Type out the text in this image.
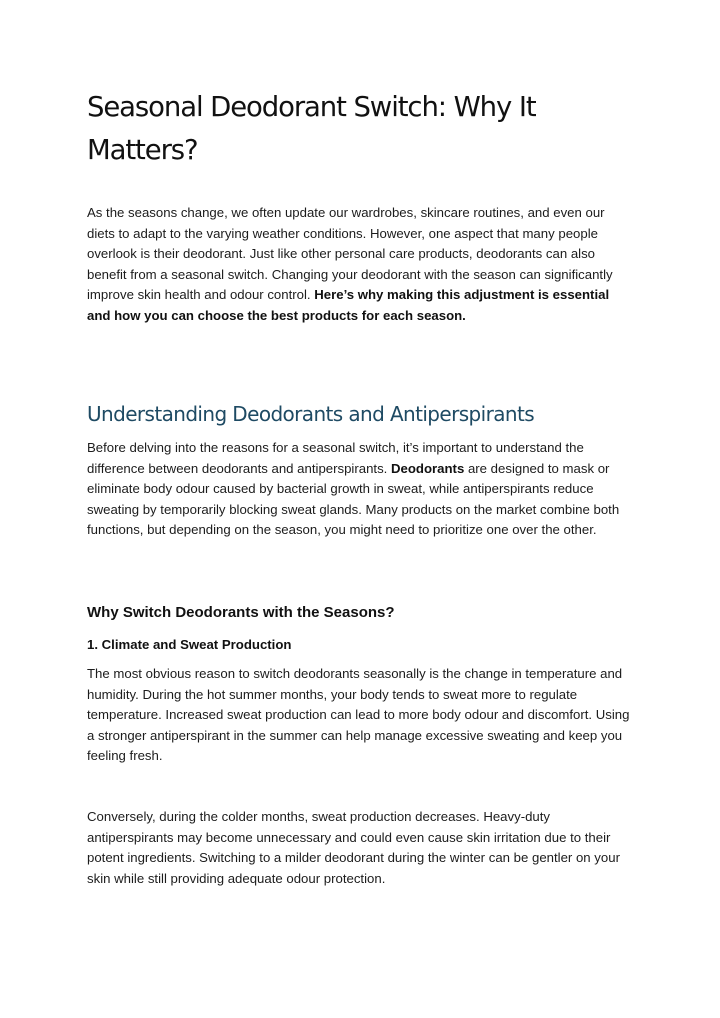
Seasonal Deodorant Switch: Why It Matters?

As the seasons change, we often update our wardrobes, skincare routines, and even our diets to adapt to the varying weather conditions. However, one aspect that many people overlook is their deodorant. Just like other personal care products, deodorants can also benefit from a seasonal switch. Changing your deodorant with the season can significantly improve skin health and odour control. Here’s why making this adjustment is essential and how you can choose the best products for each season.

Understanding Deodorants and Antiperspirants

Before delving into the reasons for a seasonal switch, it’s important to understand the difference between deodorants and antiperspirants. Deodorants are designed to mask or eliminate body odour caused by bacterial growth in sweat, while antiperspirants reduce sweating by temporarily blocking sweat glands. Many products on the market combine both functions, but depending on the season, you might need to prioritize one over the other.

Why Switch Deodorants with the Seasons?
1. Climate and Sweat Production

The most obvious reason to switch deodorants seasonally is the change in temperature and humidity. During the hot summer months, your body tends to sweat more to regulate temperature. Increased sweat production can lead to more body odour and discomfort. Using a stronger antiperspirant in the summer can help manage excessive sweating and keep you feeling fresh.

Conversely, during the colder months, sweat production decreases. Heavy-duty antiperspirants may become unnecessary and could even cause skin irritation due to their potent ingredients. Switching to a milder deodorant during the winter can be gentler on your skin while still providing adequate odour protection.
